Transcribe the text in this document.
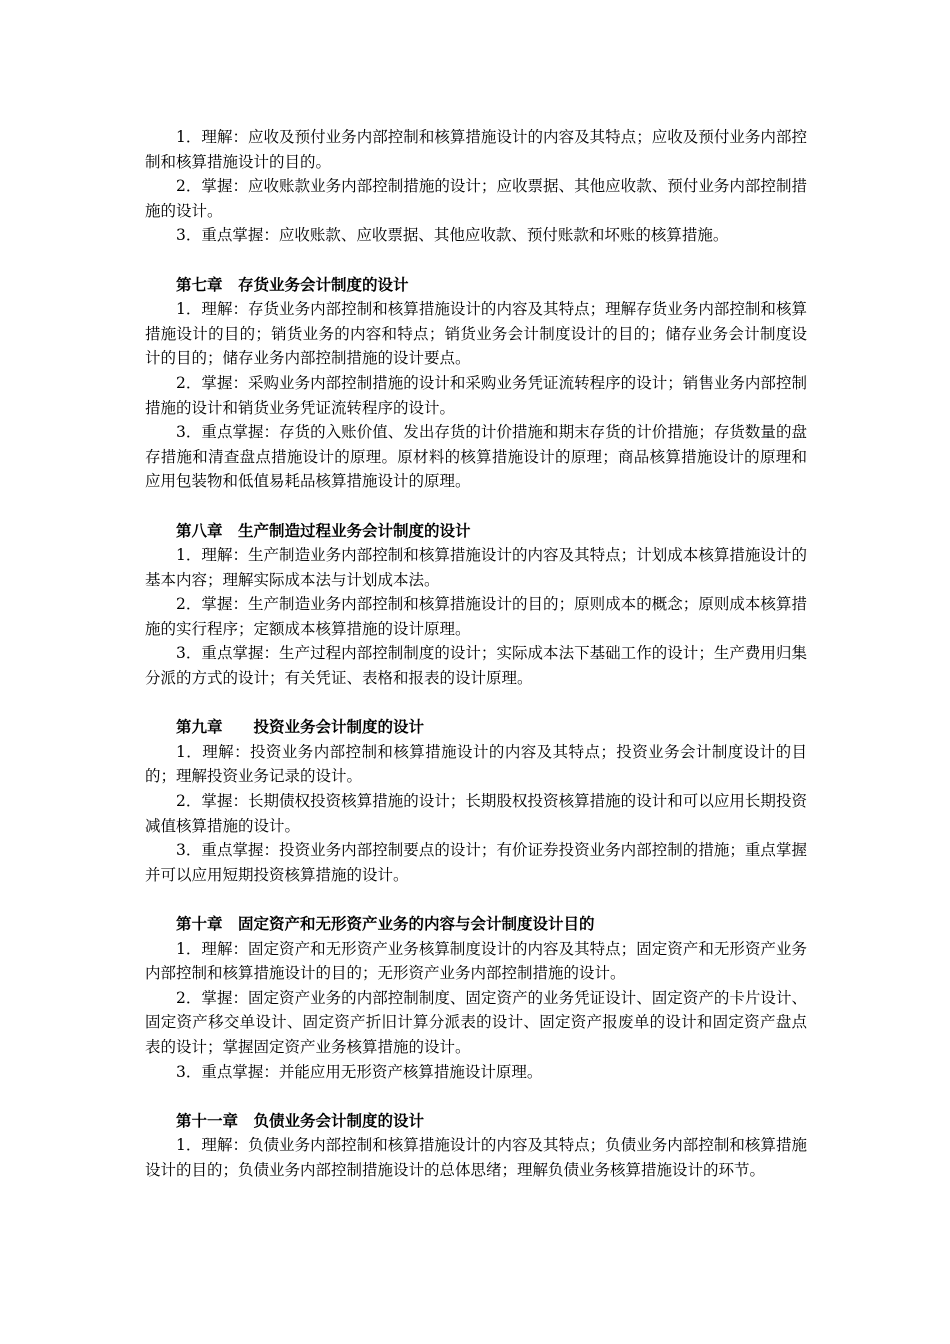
1．理解：应收及预付业务内部控制和核算措施设计的内容及其特点；应收及预付业务内部控制和核算措施设计的目的。

2．掌握：应收账款业务内部控制措施的设计；应收票据、其他应收款、预付业务内部控制措施的设计。

3．重点掌握：应收账款、应收票据、其他应收款、预付账款和坏账的核算措施。

第七章　存货业务会计制度的设计

1．理解：存货业务内部控制和核算措施设计的内容及其特点；理解存货业务内部控制和核算措施设计的目的；销货业务的内容和特点；销货业务会计制度设计的目的；储存业务会计制度设计的目的；储存业务内部控制措施的设计要点。

2．掌握：采购业务内部控制措施的设计和采购业务凭证流转程序的设计；销售业务内部控制措施的设计和销货业务凭证流转程序的设计。

3．重点掌握：存货的入账价值、发出存货的计价措施和期末存货的计价措施；存货数量的盘存措施和清查盘点措施设计的原理。原材料的核算措施设计的原理；商品核算措施设计的原理和应用包装物和低值易耗品核算措施设计的原理。

第八章　生产制造过程业务会计制度的设计

1．理解：生产制造业务内部控制和核算措施设计的内容及其特点；计划成本核算措施设计的基本内容；理解实际成本法与计划成本法。

2．掌握：生产制造业务内部控制和核算措施设计的目的；原则成本的概念；原则成本核算措施的实行程序；定额成本核算措施的设计原理。

3．重点掌握：生产过程内部控制制度的设计；实际成本法下基础工作的设计；生产费用归集分派的方式的设计；有关凭证、表格和报表的设计原理。

第九章　　投资业务会计制度的设计

1．理解：投资业务内部控制和核算措施设计的内容及其特点；投资业务会计制度设计的目的；理解投资业务记录的设计。

2．掌握：长期债权投资核算措施的设计；长期股权投资核算措施的设计和可以应用长期投资减值核算措施的设计。

3．重点掌握：投资业务内部控制要点的设计；有价证券投资业务内部控制的措施；重点掌握并可以应用短期投资核算措施的设计。

第十章　固定资产和无形资产业务的内容与会计制度设计目的

1．理解：固定资产和无形资产业务核算制度设计的内容及其特点；固定资产和无形资产业务内部控制和核算措施设计的目的；无形资产业务内部控制措施的设计。

2．掌握：固定资产业务的内部控制制度、固定资产的业务凭证设计、固定资产的卡片设计、固定资产移交单设计、固定资产折旧计算分派表的设计、固定资产报废单的设计和固定资产盘点表的设计；掌握固定资产业务核算措施的设计。

3．重点掌握：并能应用无形资产核算措施设计原理。

第十一章　负债业务会计制度的设计

1．理解：负债业务内部控制和核算措施设计的内容及其特点；负债业务内部控制和核算措施设计的目的；负债业务内部控制措施设计的总体思绪；理解负债业务核算措施设计的环节。
